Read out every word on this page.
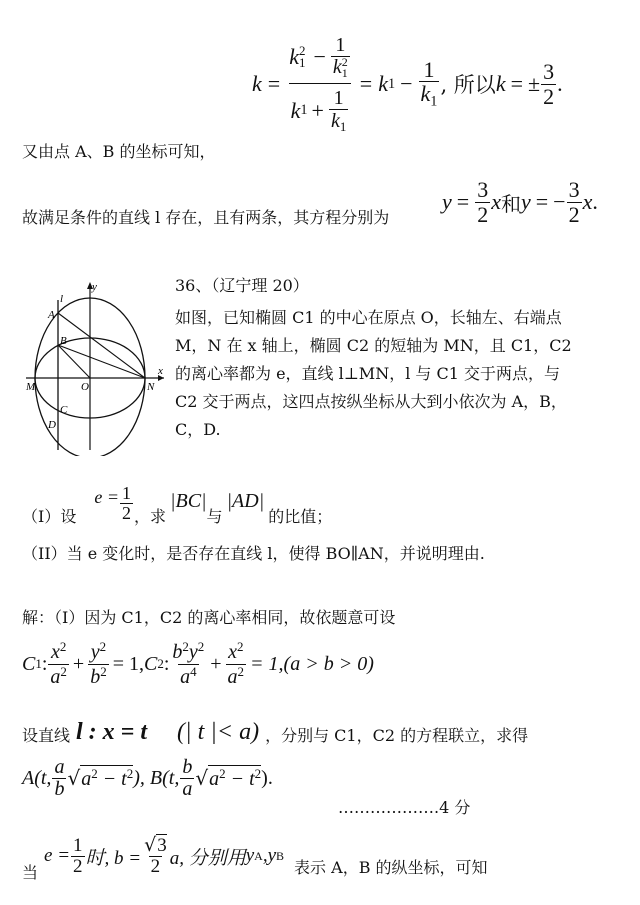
k = k 2
1 − 1
k 2
1
k $1 + \frac{1}{k_1} = k$ $1 - \frac{1}{k_1}$ , 所以 k = ± $\frac{3}{2}$ .
又由点 A、B 的坐标可知，
故满足条件的直线 l 存在，且有两条，其方程分别为
$y = \frac{3}{2}$ x 和 y = − $\frac{3}{2}$ x .
y
x
l
A
B
C
D
M	O	N
36、（辽宁理 20）
如图，已知椭圆 C1 的中心在原点 O，长轴左、右端点
M，N 在 x 轴上，椭圆 C2 的短轴为 MN，且 C1，C2
的离心率都为 e，直线 l⊥MN，l 与 C1 交于两点，与
C2 交于两点，这四点按纵坐标从大到小依次为 A，B，
C，D.
（I）设
$e = \frac{1}{2}$ ，求
|BC|
与
|AD|
的比值；
（II）当 e 变化时，是否存在直线 l，使得 BO∥AN，并说明理由.
解：（I）因为 C1，C2 的离心率相同，故依题意可设
C 1 : $\frac{x^2}{a^2} + \frac{y^2}{b^2} = 1$, C 2 : $\frac{b^2y^2}{a^4} + \frac{x^2}{a^2} = 1,(a > b > 0)$
设直线 l : x = t (| t |< a) ，分别与 C1，C2 的方程联立，求得
A(t, $\frac{a}{b}$ √ $a^2 - t^2$ ), B(t, $\frac{b}{a}$ √ $a^2 - t^2$ ).
……………….4 分
当
$e = \frac{1}{2}$ 时, $b = \frac{√3}{2} a$, 分别用 y A , y B
表示 A，B 的纵坐标，可知
